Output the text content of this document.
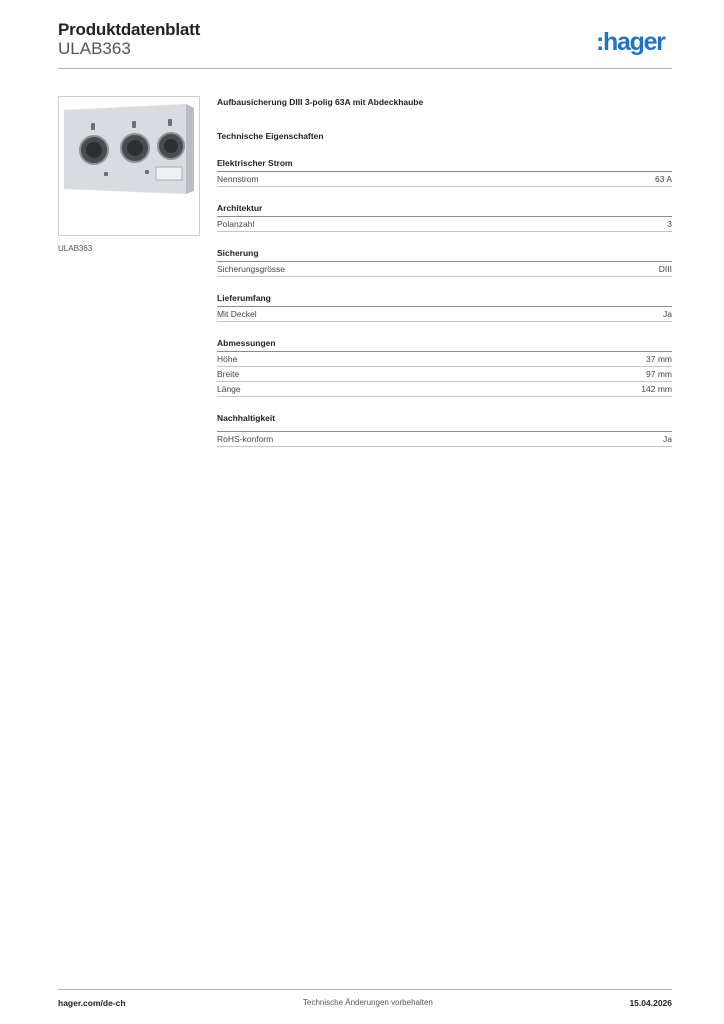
Produktdatenblatt
ULAB363	:hager
ULAB363
Aufbausicherung DIII 3-polig 63A mit Abdeckhaube
Technische Eigenschaften
Elektrischer Strom
Nennstrom	63 A
Architektur
Polanzahl	3
Sicherung
Sicherungsgrösse	DIII
Lieferumfang
Mit Deckel	Ja
Abmessungen
Höhe	37 mm
Breite	97 mm
Länge	142 mm
Nachhaltigkeit
RoHS-konform	Ja
hager.com/de-ch	Technische Änderungen vorbehalten	15.04.2026
